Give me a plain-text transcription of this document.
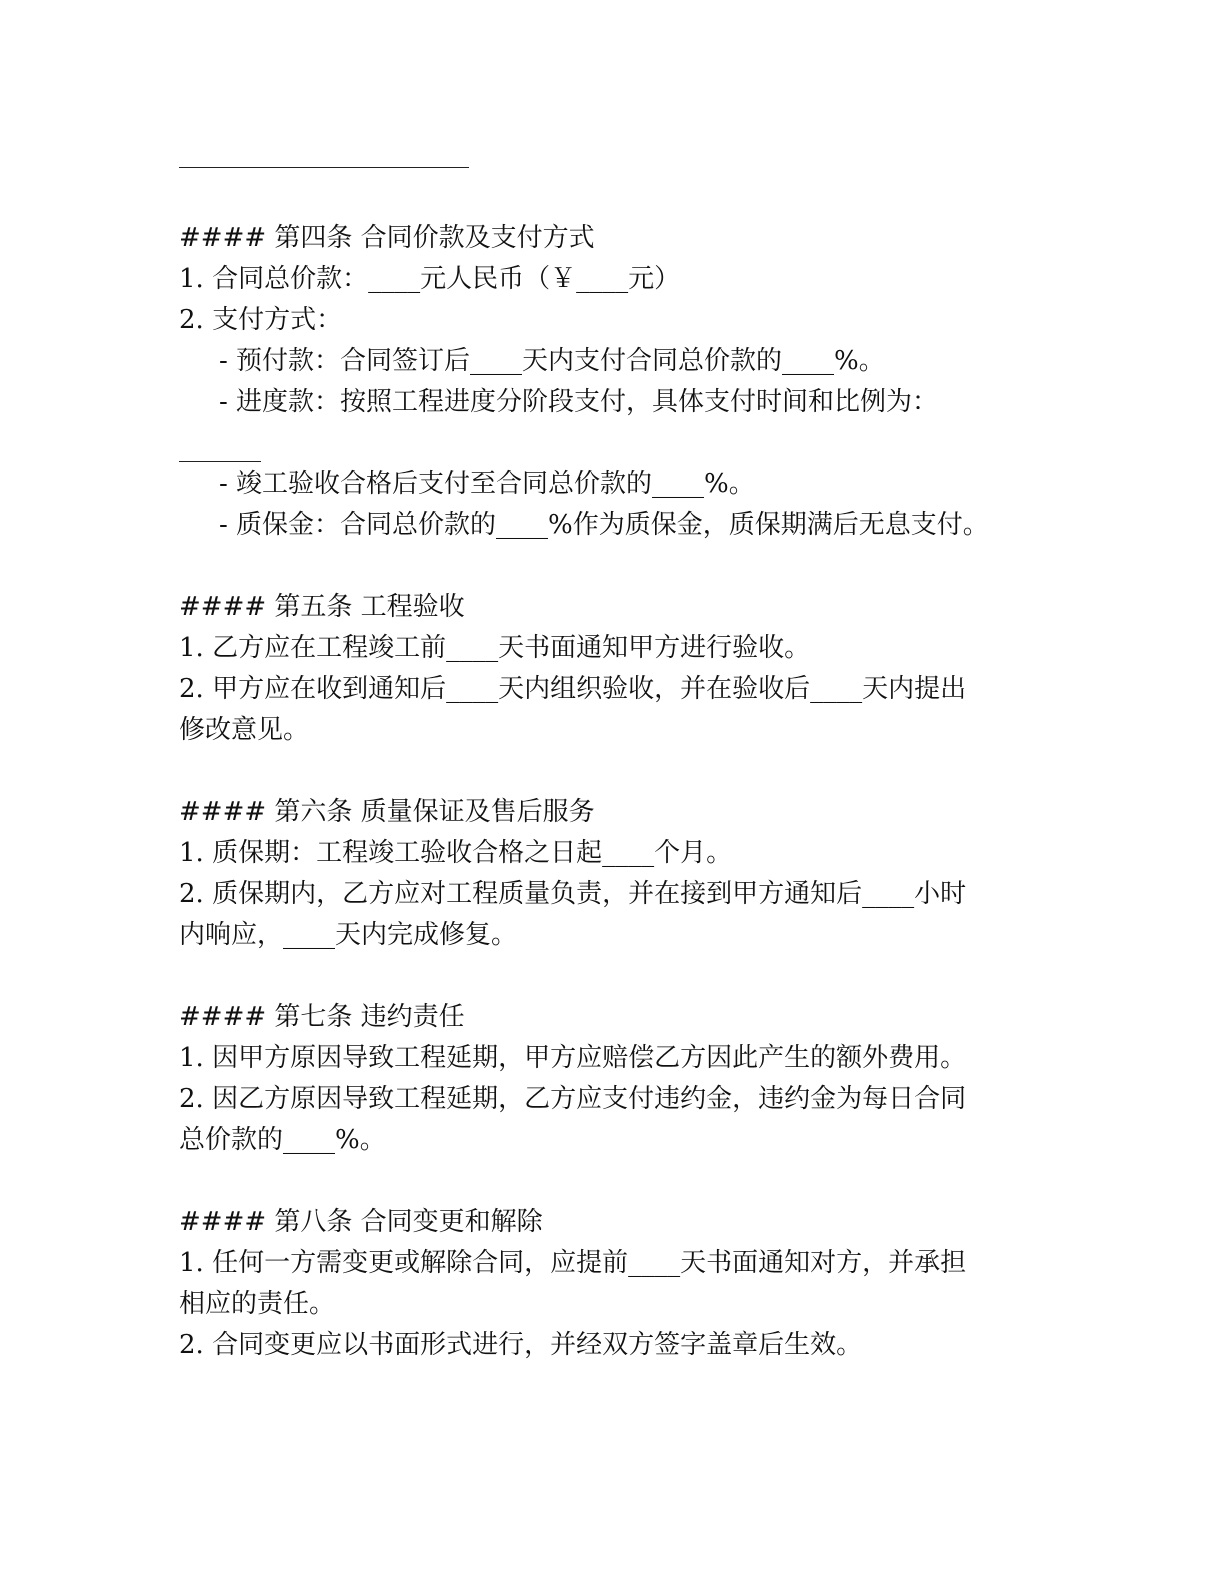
#### 第四条 合同价款及支付方式
1. 合同总价款：____元人民币（￥____元）
2. 支付方式：
- 预付款：合同签订后____天内支付合同总价款的____%。
- 进度款：按照工程进度分阶段支付，具体支付时间和比例为：
- 竣工验收合格后支付至合同总价款的____%。
- 质保金：合同总价款的____%作为质保金，质保期满后无息支付。
#### 第五条 工程验收
1. 乙方应在工程竣工前____天书面通知甲方进行验收。
2. 甲方应在收到通知后____天内组织验收，并在验收后____天内提出
修改意见。
#### 第六条 质量保证及售后服务
1. 质保期：工程竣工验收合格之日起____个月。
2. 质保期内，乙方应对工程质量负责，并在接到甲方通知后____小时
内响应，____天内完成修复。
#### 第七条 违约责任
1. 因甲方原因导致工程延期，甲方应赔偿乙方因此产生的额外费用。
2. 因乙方原因导致工程延期，乙方应支付违约金，违约金为每日合同
总价款的____%。
#### 第八条 合同变更和解除
1. 任何一方需变更或解除合同，应提前____天书面通知对方，并承担
相应的责任。
2. 合同变更应以书面形式进行，并经双方签字盖章后生效。
